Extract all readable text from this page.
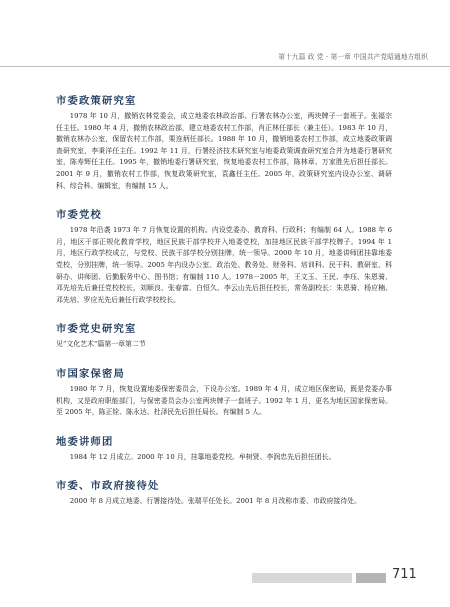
第十九篇 政 党 · 第一章 中国共产党昭通地方组织
市委政策研究室

1978 年 10 月，撤销农林党委会，成立地委农林政治部、行署农林办公室，两块牌子一套班子。张福宗任主任。1980 年 4 月，撤销农林政治部，建立地委农村工作部，肖正林任部长（兼主任）。1983 年 10 月，撤销农林办公室，保留农村工作部，栗连炳任部长。1988 年 10 月，撤销地委农村工作部，成立地委政策调查研究室，李秉洋任主任。1992 年 11 月，行署经济技术研究室与地委政策调查研究室合并为地委行署研究室，陈寿辉任主任。1995 年，撤销地委行署研究室，恢复地委农村工作部，陈林章、万家胜先后担任部长。2001 年 9 月，撤销农村工作部，恢复政策研究室，袁鑫任主任。2005 年，政策研究室内设办公室、调研科、综合科、编辑室，有编制 15 人。

市委党校

1978 年沿袭 1973 年 7 月恢复设置的机构。内设党委办、教育科、行政科；有编制 64 人。1988 年 6 月，地区干部正规化教育学校，地区民族干部学校并入地委党校，加挂地区民族干部学校牌子。1994 年 1 月，地区行政学校成立，与党校、民族干部学校分别挂牌，统一领导。2000 年 10 月，地委讲师团挂靠地委党校，分别挂牌，统一领导。2005 年内设办公室、政治处、教务处、财务科、培训科、民干科、教研室、科研办、讲师团、后勤服务中心、图书馆；有编制 110 人。1978－2005 年，王文玉、王民、李珏、朱恩骑、邓先培先后兼任党校校长，刘顺良、张春富、白恒久、李云山先后担任校长，常务副校长：朱恩骑、杨应楠、邓先培、罗应光先后兼任行政学校校长。

市委党史研究室

见“文化艺术”篇第一章第二节

市国家保密局

1980 年 7 月，恢复设置地委保密委员会，下设办公室。1989 年 4 月，成立地区保密局，既是党委办事机构，又是政府职能部门，与保密委员会办公室两块牌子一套班子。1992 年 1 月，更名为地区国家保密局。至 2005 年，陈正铨、陈永达、杜泽民先后担任局长。有编制 5 人。

地委讲师团

1984 年 12 月成立。2000 年 10 月，挂靠地委党校。牟树贤、李润忠先后担任团长。

市委、市政府接待处

2000 年 8 月成立地委、行署接待处。张瑞平任处长。2001 年 8 月改称市委、市政府接待处。

711
